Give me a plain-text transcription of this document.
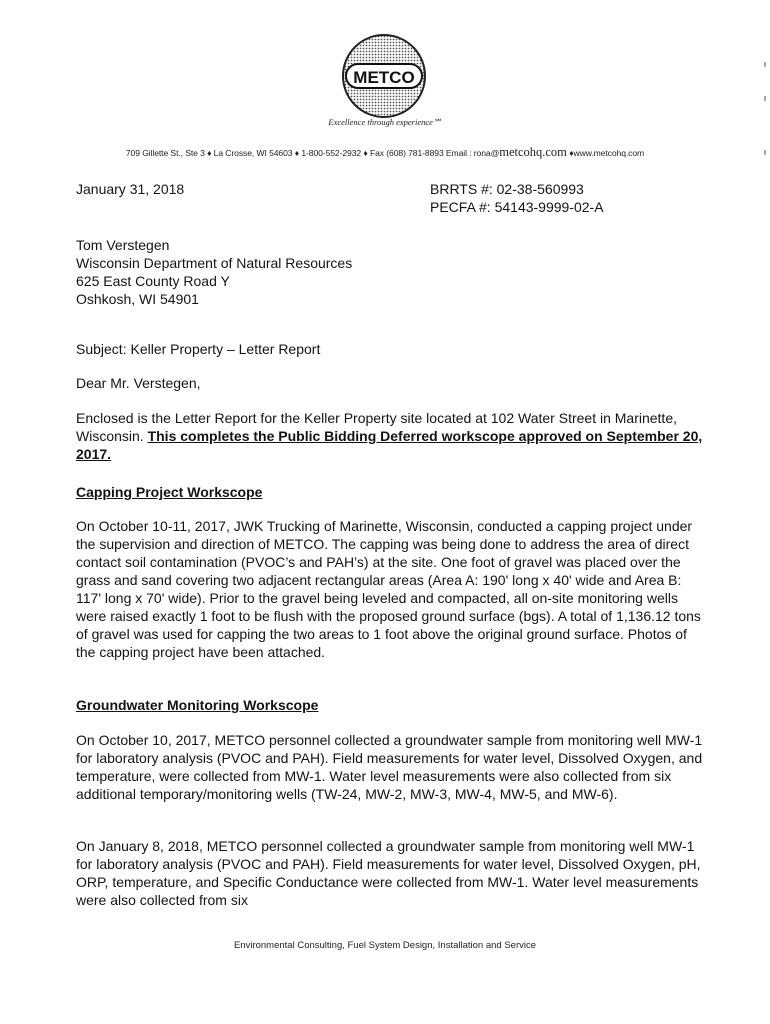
METCO
Excellence through experience℠
709 Gillette St., Ste 3 ♦ La Crosse, WI 54603 ♦ 1-800-552-2932 ♦ Fax (608) 781-8893 Email : rona@metcohq.com ♦www.metcohq.com
January 31, 2018	BRRTS #: 02-38-560993
PECFA #: 54143-9999-02-A
Tom Verstegen
Wisconsin Department of Natural Resources
625 East County Road Y
Oshkosh, WI 54901
Subject: Keller Property – Letter Report
Dear Mr. Verstegen,

Enclosed is the Letter Report for the Keller Property site located at 102 Water Street in Marinette, Wisconsin. This completes the Public Bidding Deferred workscope approved on September 20, 2017.

Capping Project Workscope

On October 10-11, 2017, JWK Trucking of Marinette, Wisconsin, conducted a capping project under the supervision and direction of METCO. The capping was being done to address the area of direct contact soil contamination (PVOC’s and PAH’s) at the site. One foot of gravel was placed over the grass and sand covering two adjacent rectangular areas (Area A: 190' long x 40' wide and Area B: 117' long x 70' wide). Prior to the gravel being leveled and compacted, all on-site monitoring wells were raised exactly 1 foot to be flush with the proposed ground surface (bgs). A total of 1,136.12 tons of gravel was used for capping the two areas to 1 foot above the original ground surface. Photos of the capping project have been attached.

Groundwater Monitoring Workscope

On October 10, 2017, METCO personnel collected a groundwater sample from monitoring well MW-1 for laboratory analysis (PVOC and PAH). Field measurements for water level, Dissolved Oxygen, and temperature, were collected from MW-1. Water level measurements were also collected from six additional temporary/monitoring wells (TW-24, MW-2, MW-3, MW-4, MW-5, and MW-6).

On January 8, 2018, METCO personnel collected a groundwater sample from monitoring well MW-1 for laboratory analysis (PVOC and PAH). Field measurements for water level, Dissolved Oxygen, pH, ORP, temperature, and Specific Conductance were collected from MW-1. Water level measurements were also collected from six

Environmental Consulting, Fuel System Design, Installation and Service
